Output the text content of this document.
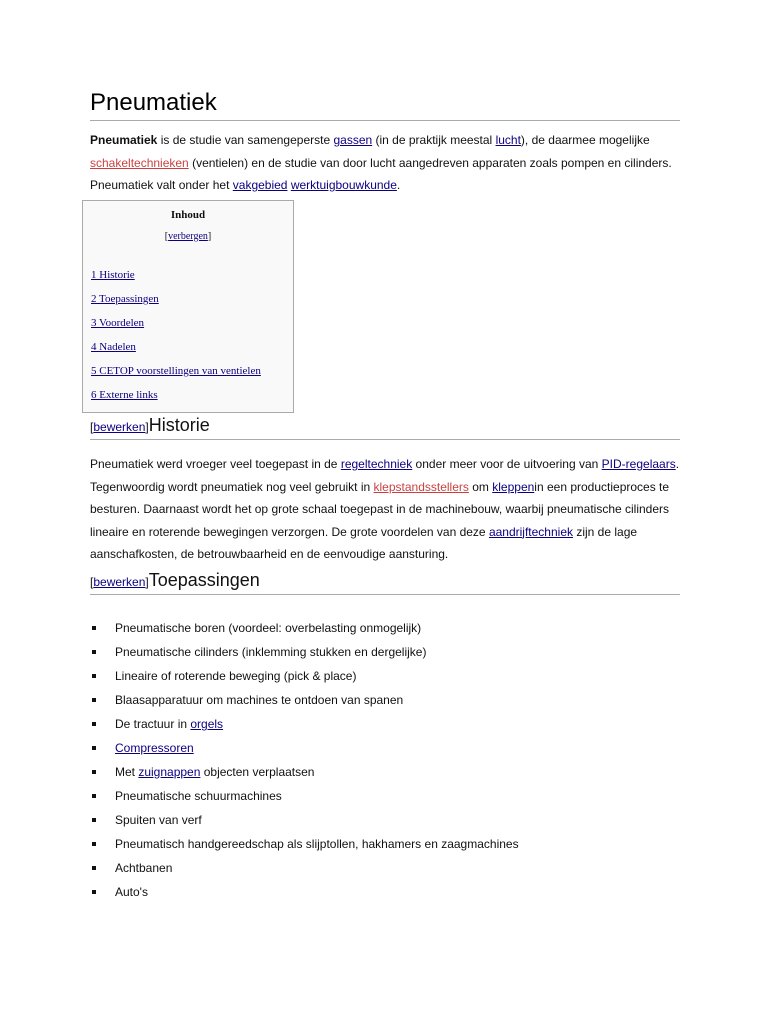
Pneumatiek

Pneumatiek is de studie van samengeperste gassen (in de praktijk meestal lucht), de daarmee mogelijke schakeltechnieken (ventielen) en de studie van door lucht aangedreven apparaten zoals pompen en cilinders. Pneumatiek valt onder het vakgebied werktuigbouwkunde.

Inhoud
[verbergen]
1 Historie
2 Toepassingen
3 Voordelen
4 Nadelen
5 CETOP voorstellingen van ventielen
6 Externe links
[bewerken]Historie

Pneumatiek werd vroeger veel toegepast in de regeltechniek onder meer voor de uitvoering van PID-regelaars. Tegenwoordig wordt pneumatiek nog veel gebruikt in klepstandsstellers om kleppenin een productieproces te besturen. Daarnaast wordt het op grote schaal toegepast in de machinebouw, waarbij pneumatische cilinders lineaire en roterende bewegingen verzorgen. De grote voordelen van deze aandrijftechniek zijn de lage aanschafkosten, de betrouwbaarheid en de eenvoudige aansturing.

[bewerken]Toepassingen
Pneumatische boren (voordeel: overbelasting onmogelijk)
Pneumatische cilinders (inklemming stukken en dergelijke)
Lineaire of roterende beweging (pick & place)
Blaasapparatuur om machines te ontdoen van spanen
De tractuur in orgels
Compressoren
Met zuignappen objecten verplaatsen
Pneumatische schuurmachines
Spuiten van verf
Pneumatisch handgereedschap als slijptollen, hakhamers en zaagmachines
Achtbanen
Auto's
